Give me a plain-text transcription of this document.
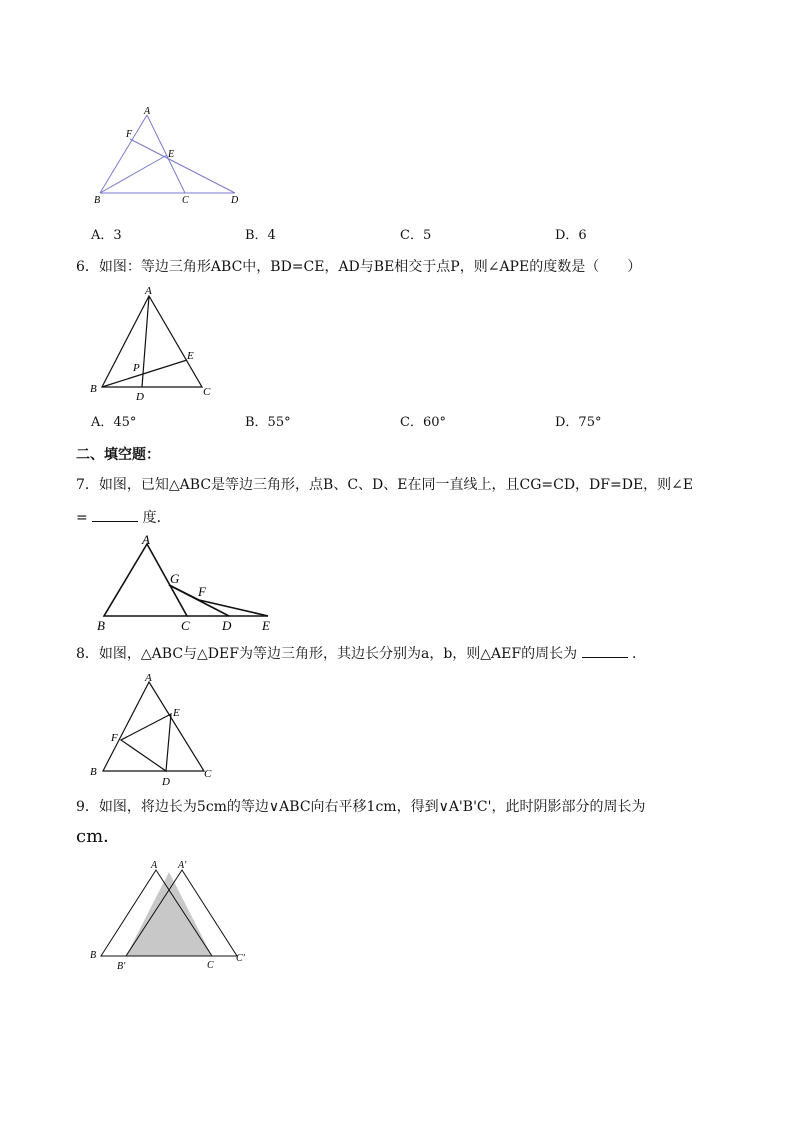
A
F
E
B	C	D
A．3	B．4	C．5	D．6
6．如图：等边三角形ABC中，BD=CE，AD与BE相交于点P，则∠APE的度数是（　　）
A
E
P
B
D	C
A．45°	B．55°	C．60°	D．75°
二、填空题：
7．如图，已知△ABC是等边三角形，点B、C、D、E在同一直线上，且CG=CD，DF=DE，则∠E
=	度．
A
G
F
B	C D E
8．如图，△ABC与△DEF为等边三角形，其边长分别为a，b，则△AEF的周长为	．
A
E
F
B
D
C
9．如图，将边长为5cm的等边∨ABC向右平移1cm，得到∨A'B'C'，此时阴影部分的周长为
cm．
A A'
B
B'	C
C'
